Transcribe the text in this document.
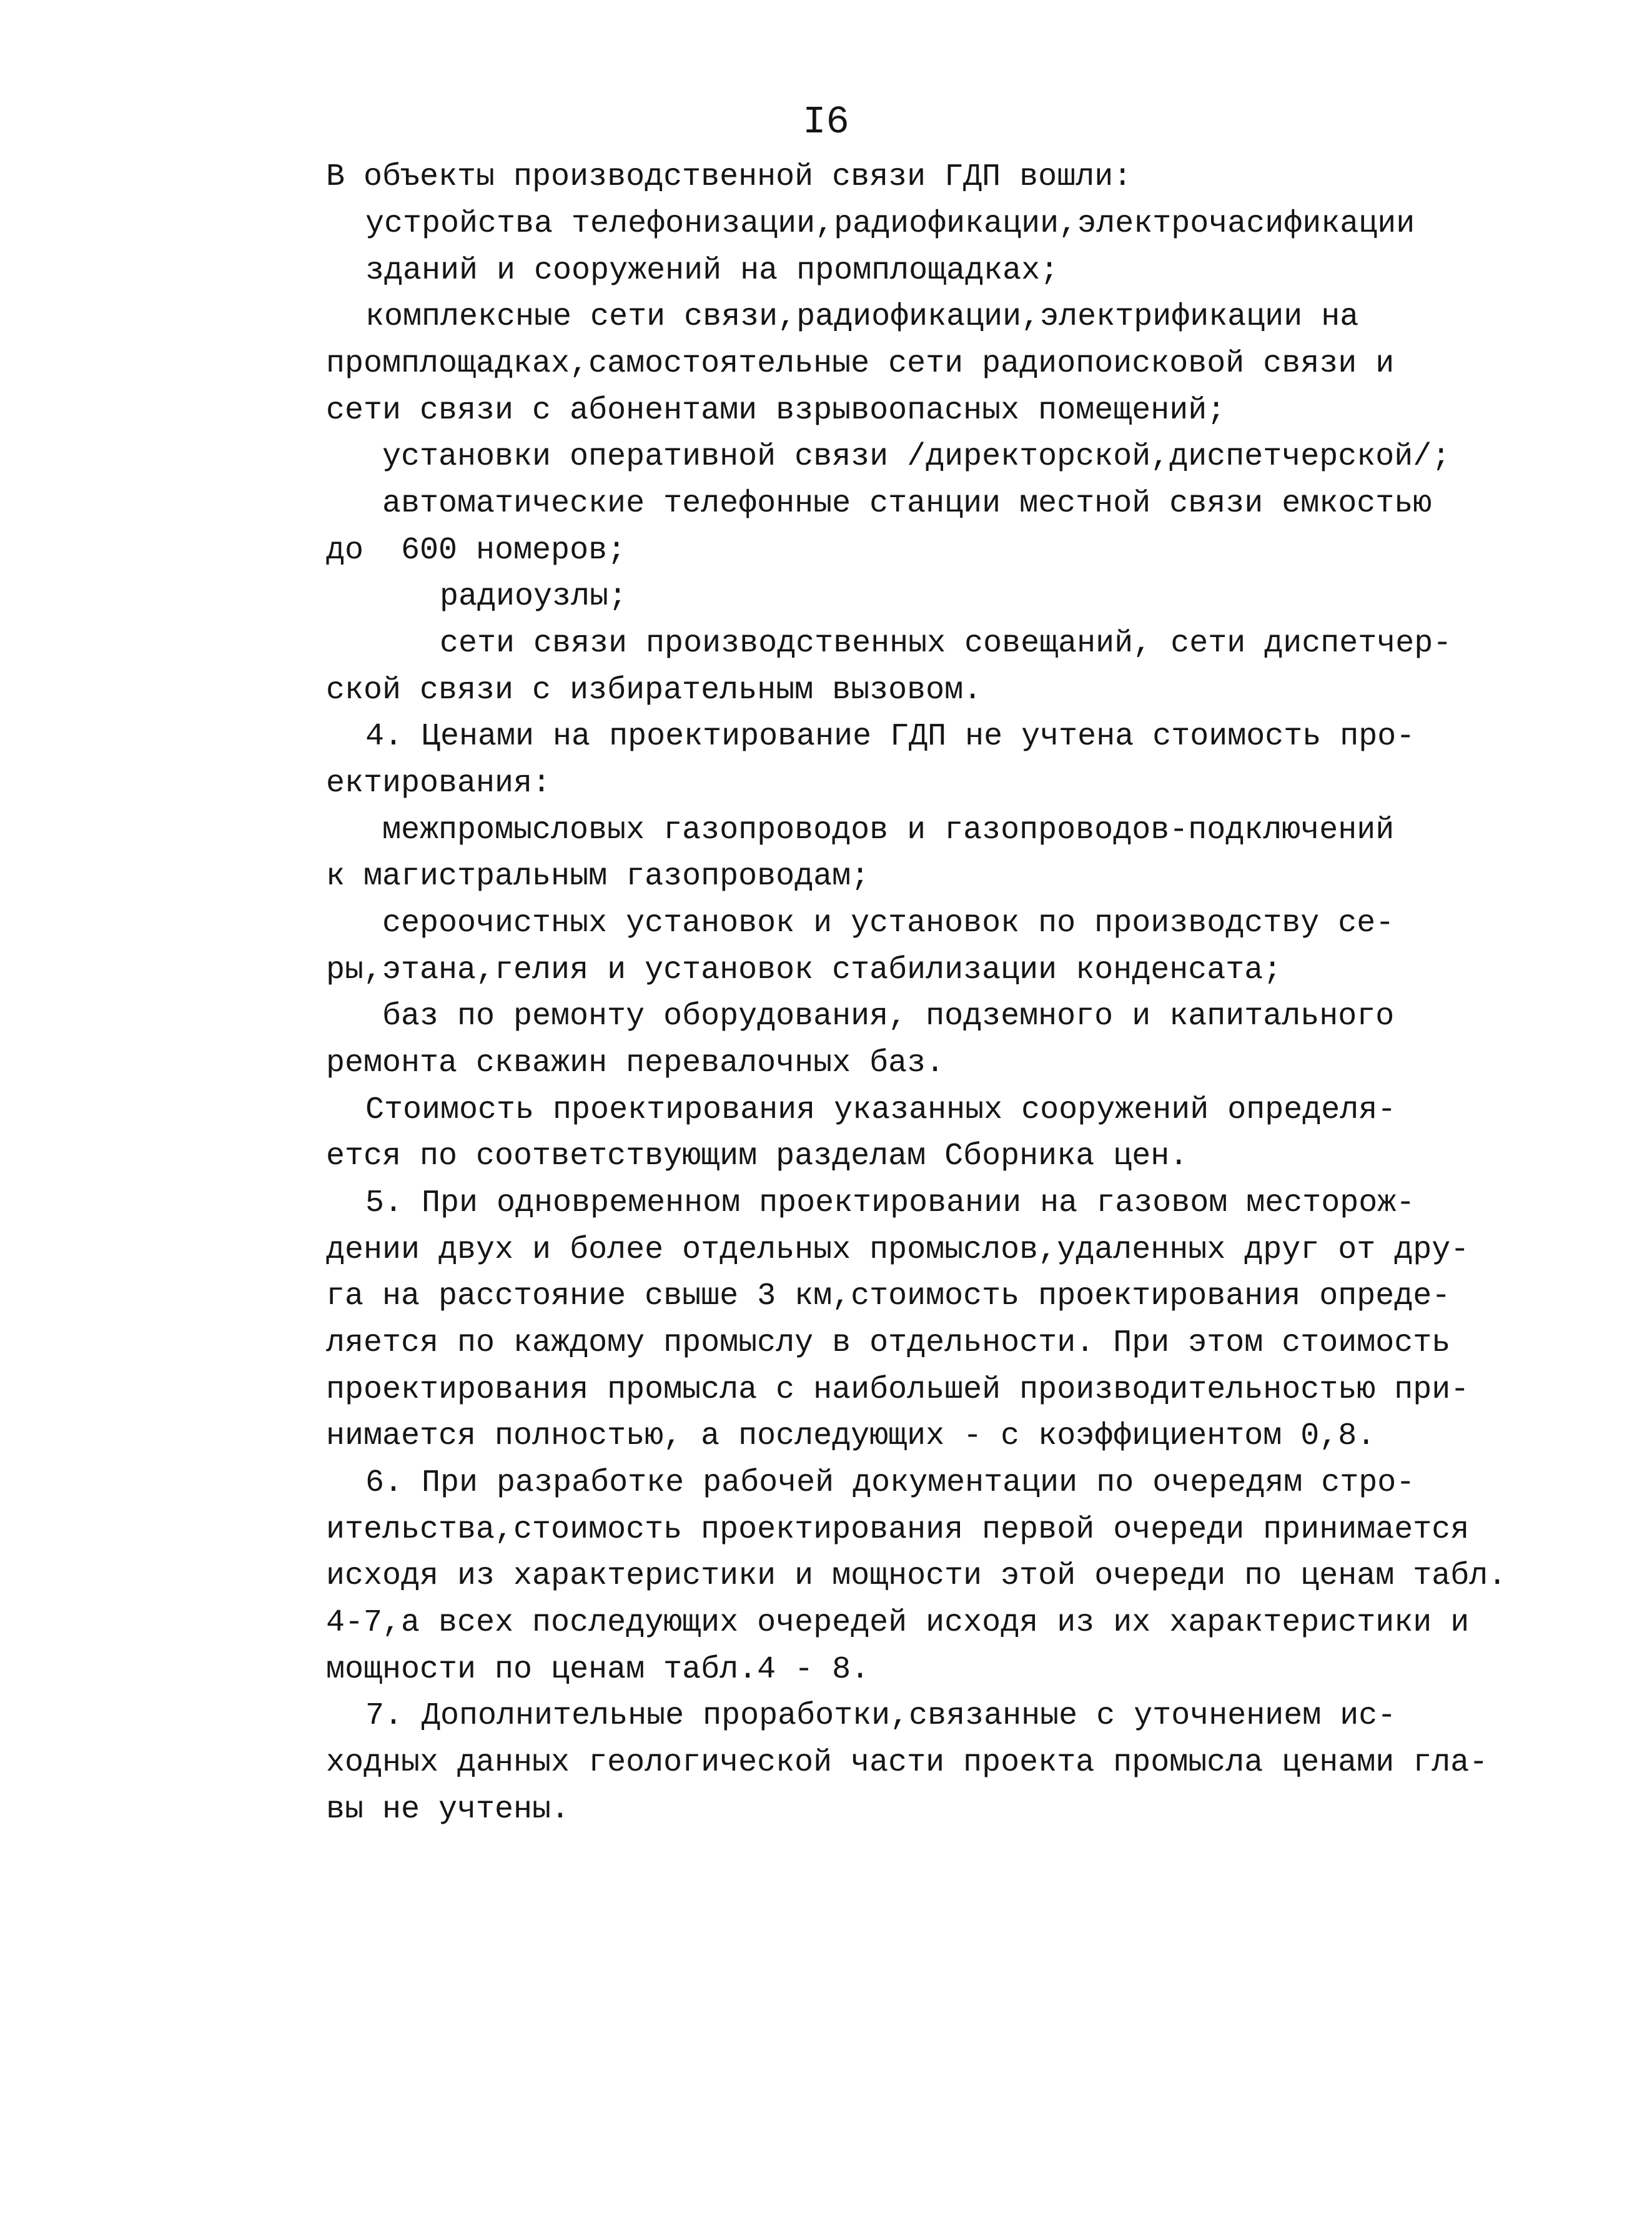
I6
В объекты производственной связи ГДП вошли:
устройства телефонизации,радиофикации,электрочасификации
зданий и сооружений на промплощадках;
комплексные сети связи,радиофикации,электрификации на
промплощадках,самостоятельные сети радиопоисковой связи и
сети связи с абонентами взрывоопасных помещений;
установки оперативной связи /директорской,диспетчерской/;
автоматические телефонные станции местной связи емкостью
до  600 номеров;
радиоузлы;
сети связи производственных совещаний, сети диспетчер-
ской связи с избирательным вызовом.
4. Ценами на проектирование ГДП не учтена стоимость про-
ектирования:
межпромысловых газопроводов и газопроводов-подключений
к магистральным газопроводам;
сероочистных установок и установок по производству се-
ры,этана,гелия и установок стабилизации конденсата;
баз по ремонту оборудования, подземного и капитального
ремонта скважин перевалочных баз.
Стоимость проектирования указанных сооружений определя-
ется по соответствующим разделам Сборника цен.
5. При одновременном проектировании на газовом месторож-
дении двух и более отдельных промыслов,удаленных друг от дру-
га на расстояние свыше 3 км,стоимость проектирования опреде-
ляется по каждому промыслу в отдельности. При этом стоимость
проектирования промысла с наибольшей производительностью при-
нимается полностью, а последующих - с коэффициентом 0,8.
6. При разработке рабочей документации по очередям стро-
ительства,стоимость проектирования первой очереди принимается
исходя из характеристики и мощности этой очереди по ценам табл.
4-7,а всех последующих очередей исходя из их характеристики и
мощности по ценам табл.4 - 8.
7. Дополнительные проработки,связанные с уточнением ис-
ходных данных геологической части проекта промысла ценами гла-
вы не учтены.
